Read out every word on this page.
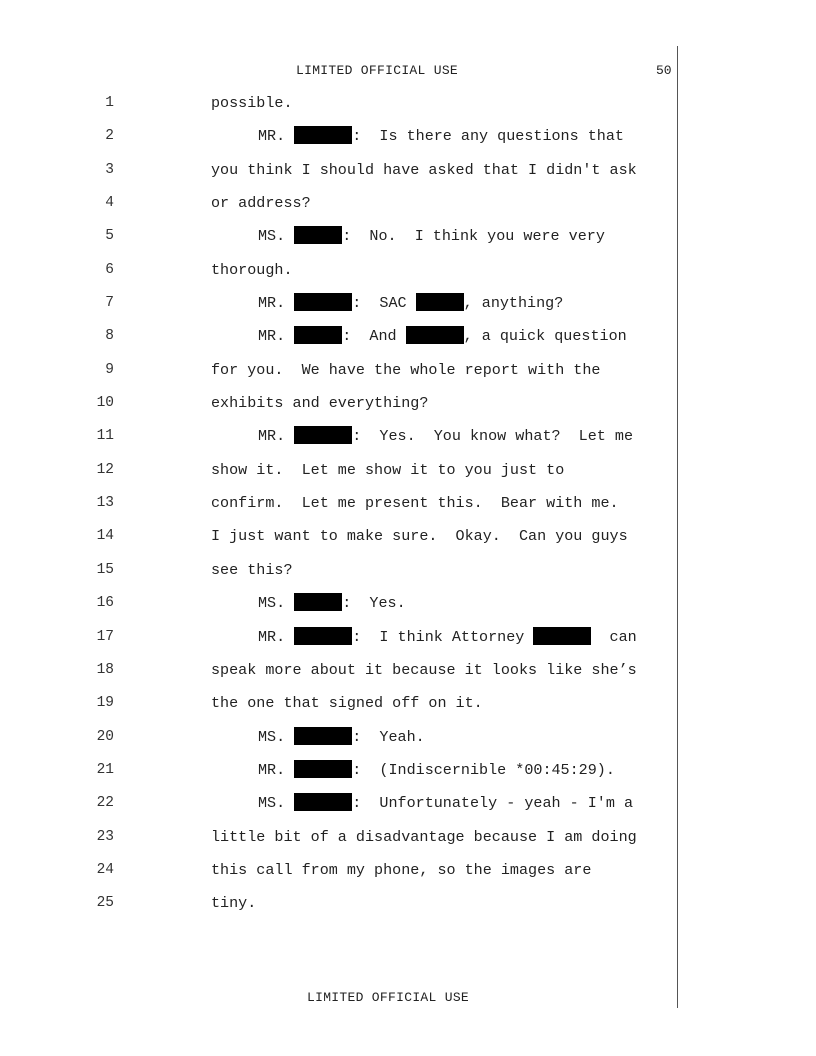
LIMITED OFFICIAL USE	50
1	possible.
2	MR.	:  Is there any questions that
3	you think I should have asked that I didn't ask
4	or address?
5	MS.	:  No.  I think you were very
6	thorough.
7	MR.	:  SAC	, anything?
8	MR.	:  And	, a quick question
9	for you.  We have the whole report with the
10	exhibits and everything?
11	MR.	:  Yes.  You know what?  Let me
12	show it.  Let me show it to you just to
13	confirm.  Let me present this.  Bear with me.
14	I just want to make sure.  Okay.  Can you guys
15	see this?
16	MS.	:  Yes.
17	MR.	:  I think Attorney	can
18	speak more about it because it looks like she’s
19	the one that signed off on it.
20	MS.	:  Yeah.
21	MR.	:  (Indiscernible *00:45:29).
22	MS.	:  Unfortunately - yeah - I'm a
23	little bit of a disadvantage because I am doing
24	this call from my phone, so the images are
25	tiny.
LIMITED OFFICIAL USE
